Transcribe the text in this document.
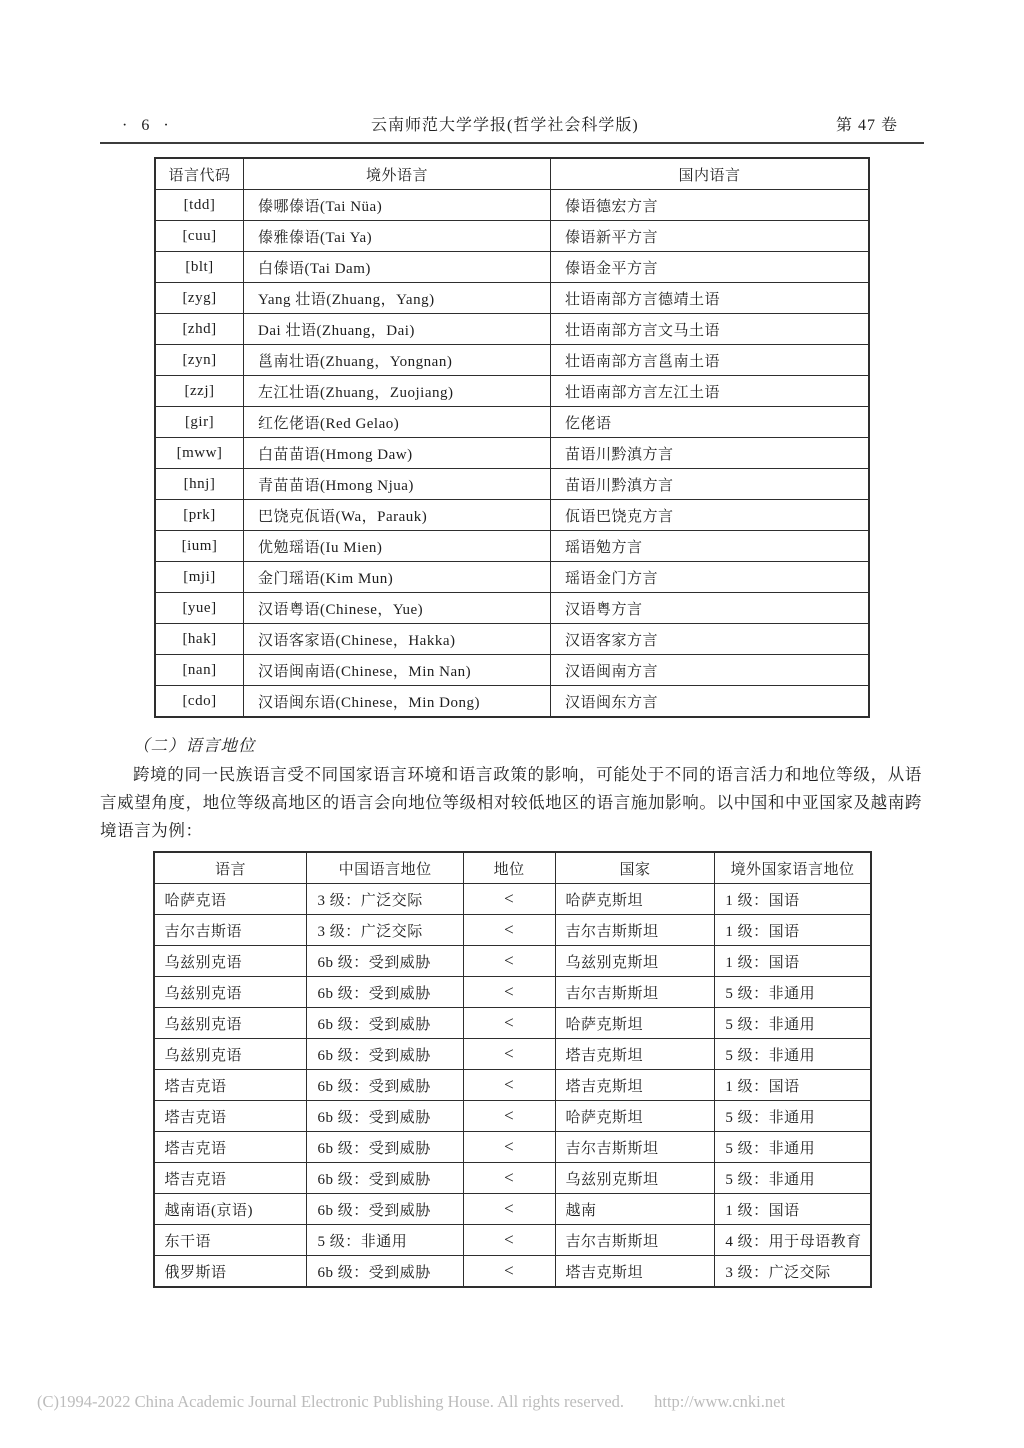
· 6 ·	云南师范大学学报(哲学社会科学版)	第 47 卷
语言代码	境外语言	国内语言
[tdd]	傣哪傣语(Tai Nüa)	傣语德宏方言
[cuu]	傣雅傣语(Tai Ya)	傣语新平方言
[blt]	白傣语(Tai Dam)	傣语金平方言
[zyg]	Yang 壮语(Zhuang，Yang)	壮语南部方言德靖土语
[zhd]	Dai 壮语(Zhuang，Dai)	壮语南部方言文马土语
[zyn]	邕南壮语(Zhuang，Yongnan)	壮语南部方言邕南土语
[zzj]	左江壮语(Zhuang，Zuojiang)	壮语南部方言左江土语
[gir]	红仡佬语(Red Gelao)	仡佬语
[mww]	白苗苗语(Hmong Daw)	苗语川黔滇方言
[hnj]	青苗苗语(Hmong Njua)	苗语川黔滇方言
[prk]	巴饶克佤语(Wa，Parauk)	佤语巴饶克方言
[ium]	优勉瑶语(Iu Mien)	瑶语勉方言
[mji]	金门瑶语(Kim Mun)	瑶语金门方言
[yue]	汉语粤语(Chinese，Yue)	汉语粤方言
[hak]	汉语客家语(Chinese，Hakka)	汉语客家方言
[nan]	汉语闽南语(Chinese，Min Nan)	汉语闽南方言
[cdo]	汉语闽东语(Chinese，Min Dong)	汉语闽东方言
（二）语言地位

跨境的同一民族语言受不同国家语言环境和语言政策的影响，可能处于不同的语言活力和地位等级，从语言威望角度，地位等级高地区的语言会向地位等级相对较低地区的语言施加影响。以中国和中亚国家及越南跨境语言为例：

语言	中国语言地位	地位	国家	境外国家语言地位
哈萨克语	3 级：广泛交际	<	哈萨克斯坦	1 级：国语
吉尔吉斯语	3 级：广泛交际	<	吉尔吉斯斯坦	1 级：国语
乌兹别克语	6b 级：受到威胁	<	乌兹别克斯坦	1 级：国语
乌兹别克语	6b 级：受到威胁	<	吉尔吉斯斯坦	5 级：非通用
乌兹别克语	6b 级：受到威胁	<	哈萨克斯坦	5 级：非通用
乌兹别克语	6b 级：受到威胁	<	塔吉克斯坦	5 级：非通用
塔吉克语	6b 级：受到威胁	<	塔吉克斯坦	1 级：国语
塔吉克语	6b 级：受到威胁	<	哈萨克斯坦	5 级：非通用
塔吉克语	6b 级：受到威胁	<	吉尔吉斯斯坦	5 级：非通用
塔吉克语	6b 级：受到威胁	<	乌兹别克斯坦	5 级：非通用
越南语(京语)	6b 级：受到威胁	<	越南	1 级：国语
东干语	5 级：非通用	<	吉尔吉斯斯坦	4 级：用于母语教育
俄罗斯语	6b 级：受到威胁	<	塔吉克斯坦	3 级：广泛交际
(C)1994-2022 China Academic Journal Electronic Publishing House. All rights reserved. http://www.cnki.net
